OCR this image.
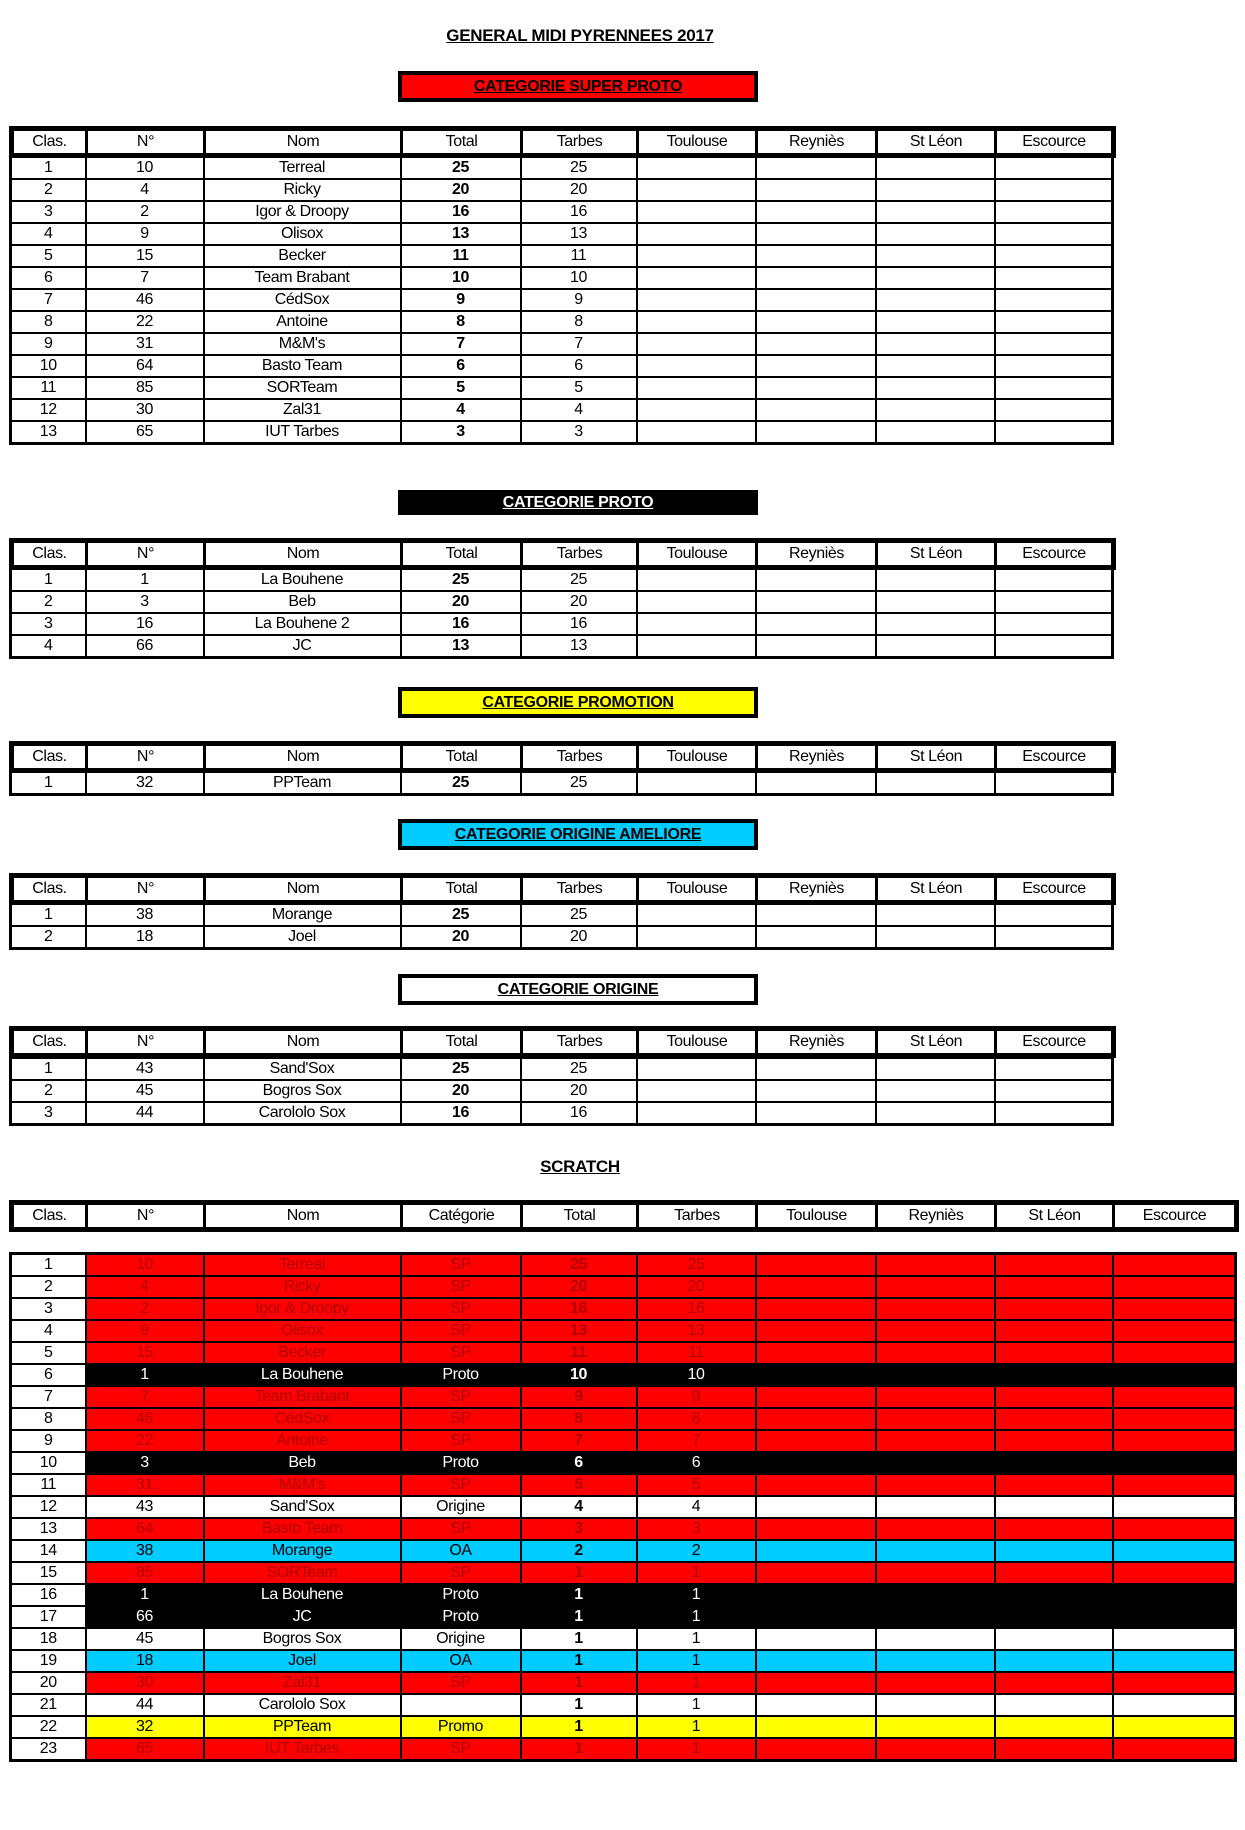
GENERAL MIDI PYRENNEES 2017
CATEGORIE SUPER PROTO
Clas.	N°	Nom	Total	Tarbes	Toulouse	Reyniès	St Léon	Escource
1	10	Terreal	25	25				
2	4	Ricky	20	20				
3	2	Igor & Droopy	16	16				
4	9	Olisox	13	13				
5	15	Becker	11	11				
6	7	Team Brabant	10	10				
7	46	CédSox	9	9				
8	22	Antoine	8	8				
9	31	M&M's	7	7				
10	64	Basto Team	6	6				
11	85	SORTeam	5	5				
12	30	Zal31	4	4				
13	65	IUT Tarbes	3	3				
CATEGORIE PROTO
Clas.	N°	Nom	Total	Tarbes	Toulouse	Reyniès	St Léon	Escource
1	1	La Bouhene	25	25				
2	3	Beb	20	20				
3	16	La Bouhene 2	16	16				
4	66	JC	13	13				
CATEGORIE PROMOTION
Clas.	N°	Nom	Total	Tarbes	Toulouse	Reyniès	St Léon	Escource
1	32	PPTeam	25	25				
CATEGORIE ORIGINE AMELIORE
Clas.	N°	Nom	Total	Tarbes	Toulouse	Reyniès	St Léon	Escource
1	38	Morange	25	25				
2	18	Joel	20	20				
CATEGORIE ORIGINE
Clas.	N°	Nom	Total	Tarbes	Toulouse	Reyniès	St Léon	Escource
1	43	Sand'Sox	25	25				
2	45	Bogros Sox	20	20				
3	44	Carololo Sox	16	16				
SCRATCH
Clas.	N°	Nom	Catégorie	Total	Tarbes	Toulouse	Reyniès	St Léon	Escource
1	10	Terreal	SP	25	25				
2	4	Ricky	SP	20	20				
3	2	Igor & Droopy	SP	16	16				
4	9	Olisox	SP	13	13				
5	15	Becker	SP	11	11				
6	1	La Bouhene	Proto	10	10				
7	7	Team Brabant	SP	9	9				
8	46	CédSox	SP	8	8				
9	22	Antoine	SP	7	7				
10	3	Beb	Proto	6	6				
11	31	M&M's	SP	5	5				
12	43	Sand'Sox	Origine	4	4				
13	64	Basto Team	SP	3	3				
14	38	Morange	OA	2	2				
15	85	SORTeam	SP	1	1				
16	1	La Bouhene	Proto	1	1				
17	66	JC	Proto	1	1				
18	45	Bogros Sox	Origine	1	1				
19	18	Joel	OA	1	1				
20	30	Zal31	SP	1	1				
21	44	Carololo Sox		1	1				
22	32	PPTeam	Promo	1	1				
23	65	IUT Tarbes	SP	1	1				
